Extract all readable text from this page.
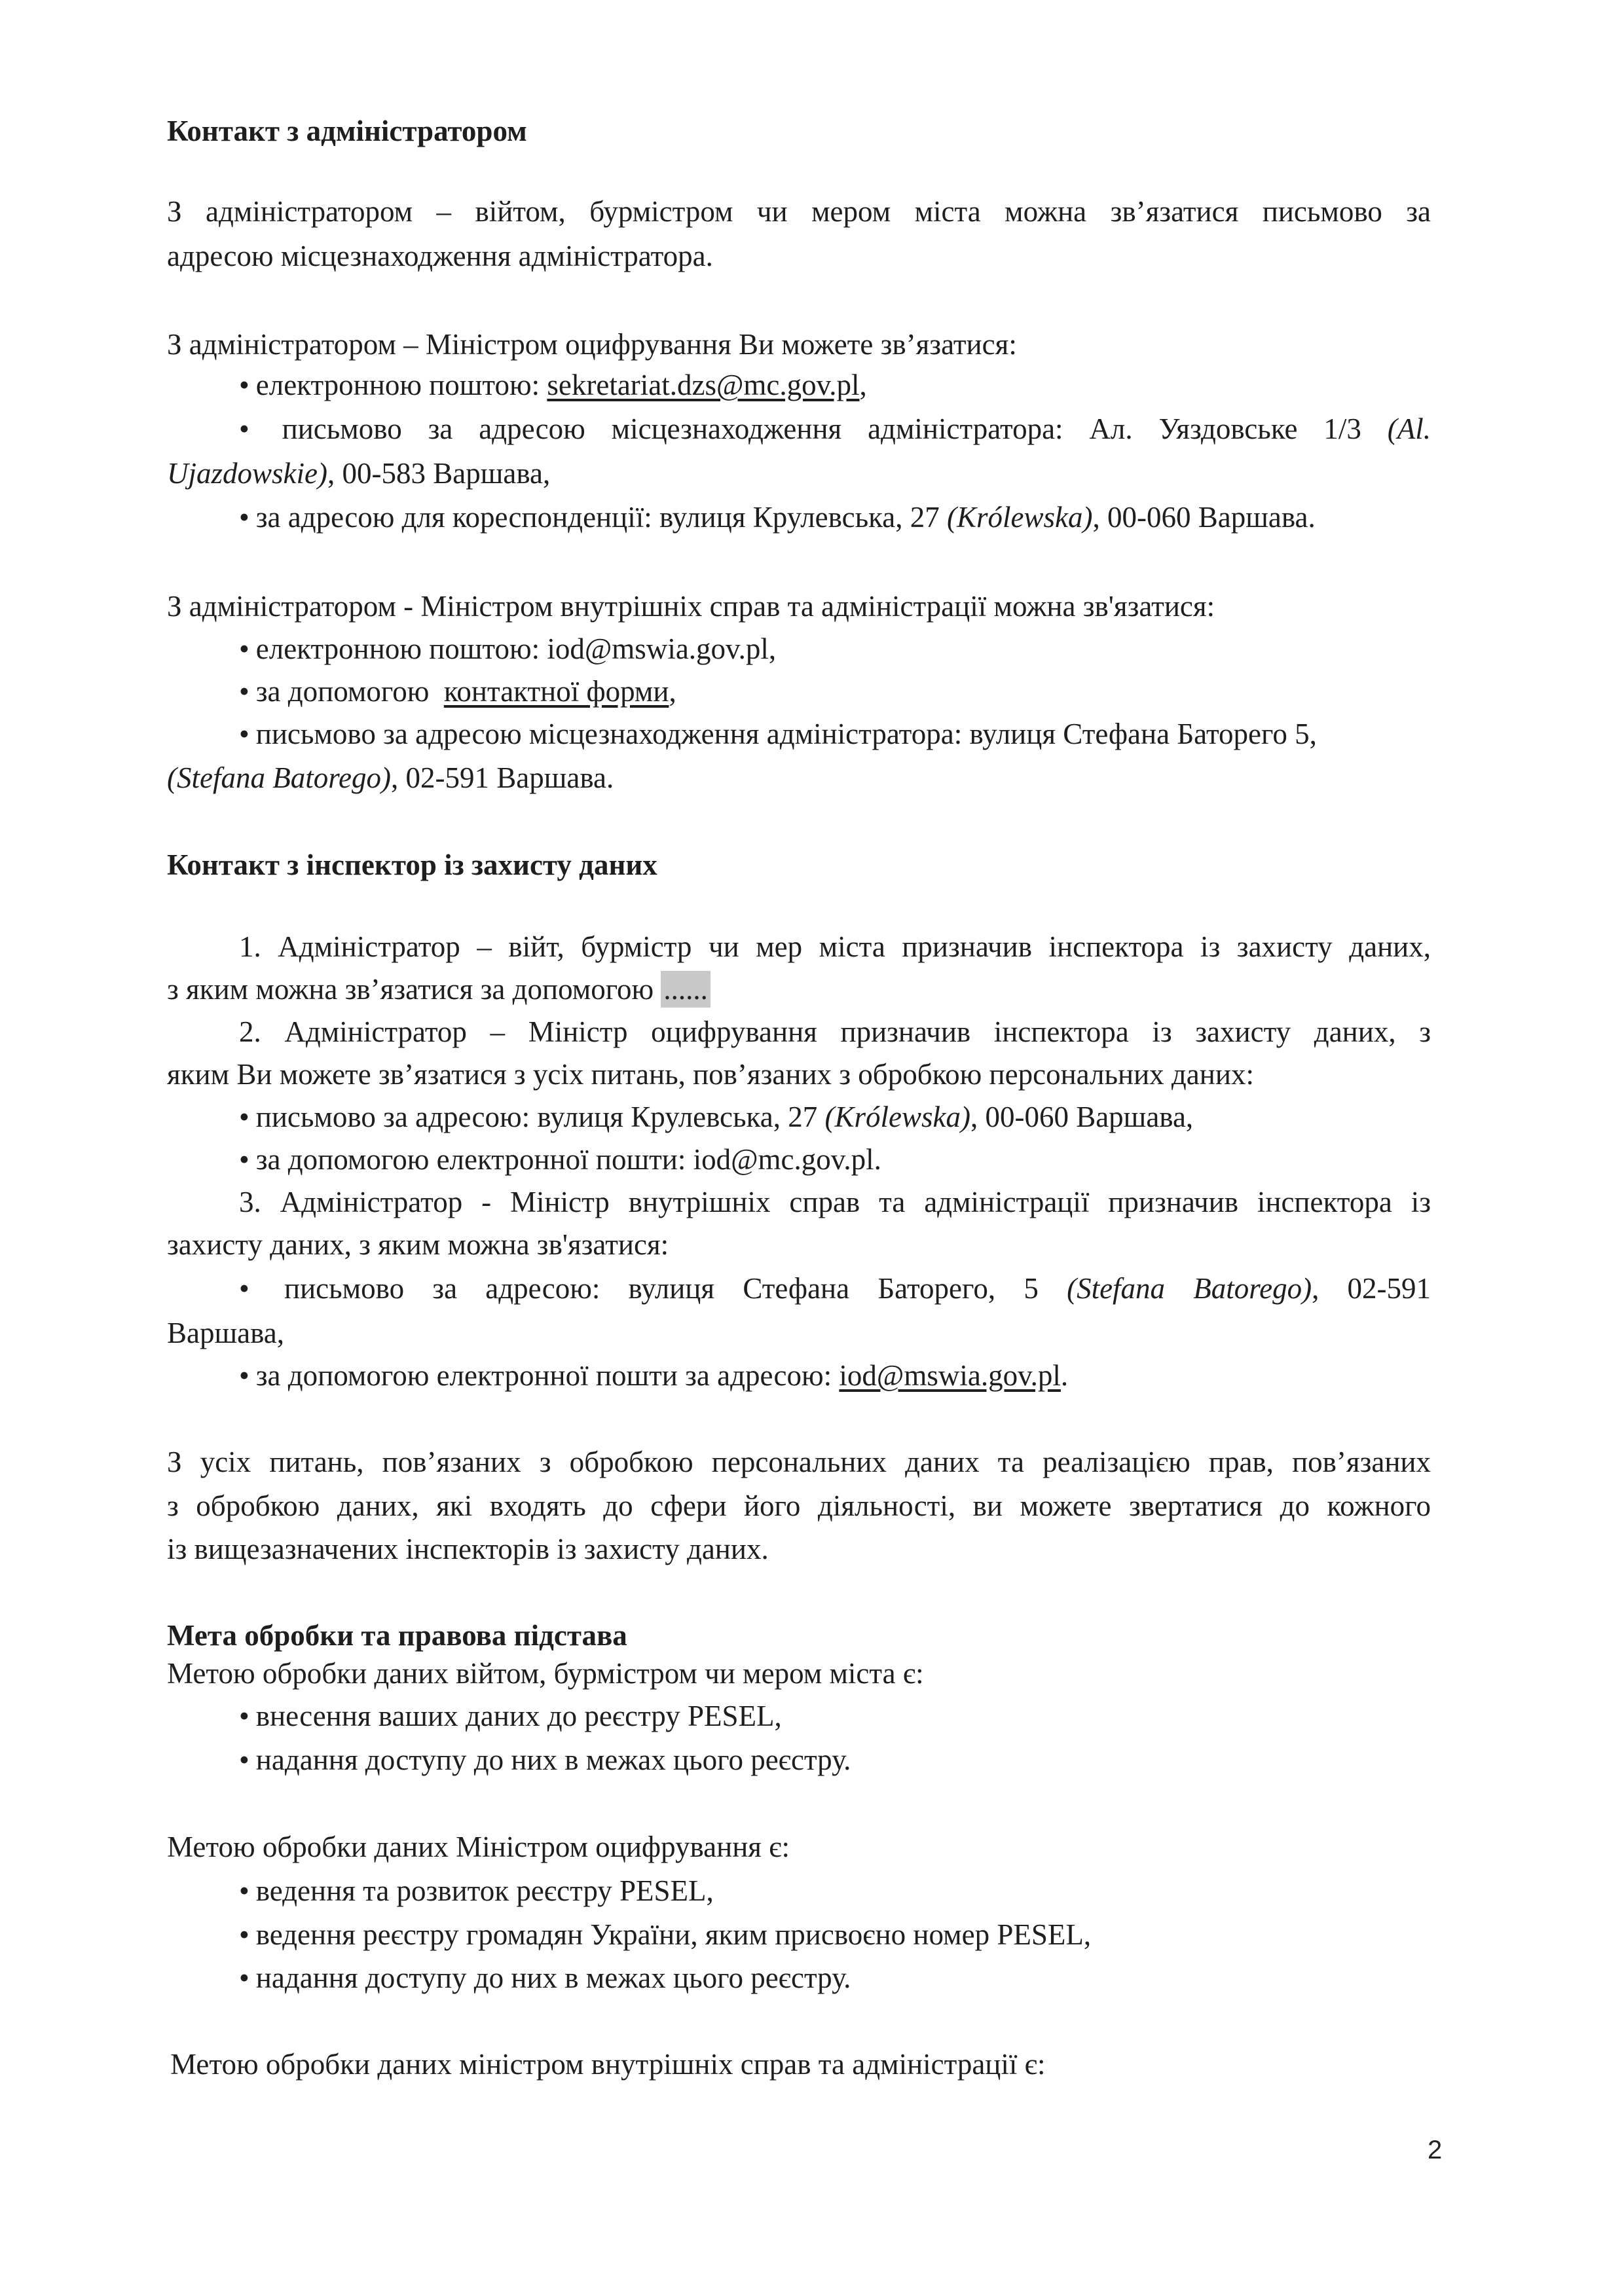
Контакт з адміністратором
З адміністратором – війтом, бурмістром чи мером міста можна зв’язатися письмово за
адресою місцезнаходження адміністратора.
З адміністратором – Міністром оцифрування Ви можете зв’язатися:
• електронною поштою: sekretariat.dzs@mc.gov.pl,
• письмово за адресою місцезнаходження адміністратора: Ал. Уяздовське 1/3 (Al.
Ujazdowskie), 00-583 Варшава,
• за адресою для кореспонденції: вулиця Крулевська, 27 (Królewska), 00-060 Варшава.
З адміністратором - Міністром внутрішніх справ та адміністрації можна зв'язатися:
• електронною поштою: iod@mswia.gov.pl,
• за допомогою  контактної форми,
• письмово за адресою місцезнаходження адміністратора: вулиця Стефана Баторего 5,
(Stefana Batorego), 02-591 Варшава.
Контакт з інспектор із захисту даних
1. Адміністратор – війт, бурмістр чи мер міста призначив інспектора із захисту даних,
з яким можна зв’язатися за допомогою ......
2. Адміністратор – Міністр оцифрування призначив інспектора із захисту даних, з
яким Ви можете зв’язатися з усіх питань, пов’язаних з обробкою персональних даних:
• письмово за адресою: вулиця Крулевська, 27 (Królewska), 00-060 Варшава,
• за допомогою електронної пошти: iod@mc.gov.pl.
3. Адміністратор - Міністр внутрішніх справ та адміністрації призначив інспектора із
захисту даних, з яким можна зв'язатися:
• письмово за адресою: вулиця Стефана Баторего, 5 (Stefana Batorego), 02-591
Варшава,
• за допомогою електронної пошти за адресою: iod@mswia.gov.pl.
З усіх питань, пов’язаних з обробкою персональних даних та реалізацією прав, пов’язаних
з обробкою даних, які входять до сфери його діяльності, ви можете звертатися до кожного
із вищезазначених інспекторів із захисту даних.
Мета обробки та правова підстава
Метою обробки даних війтом, бурмістром чи мером міста є:
• внесення ваших даних до реєстру PESEL,
• надання доступу до них в межах цього реєстру.
Метою обробки даних Міністром оцифрування є:
• ведення та розвиток реєстру PESEL,
• ведення реєстру громадян України, яким присвоєно номер PESEL,
• надання доступу до них в межах цього реєстру.
Метою обробки даних міністром внутрішніх справ та адміністрації є:
2
